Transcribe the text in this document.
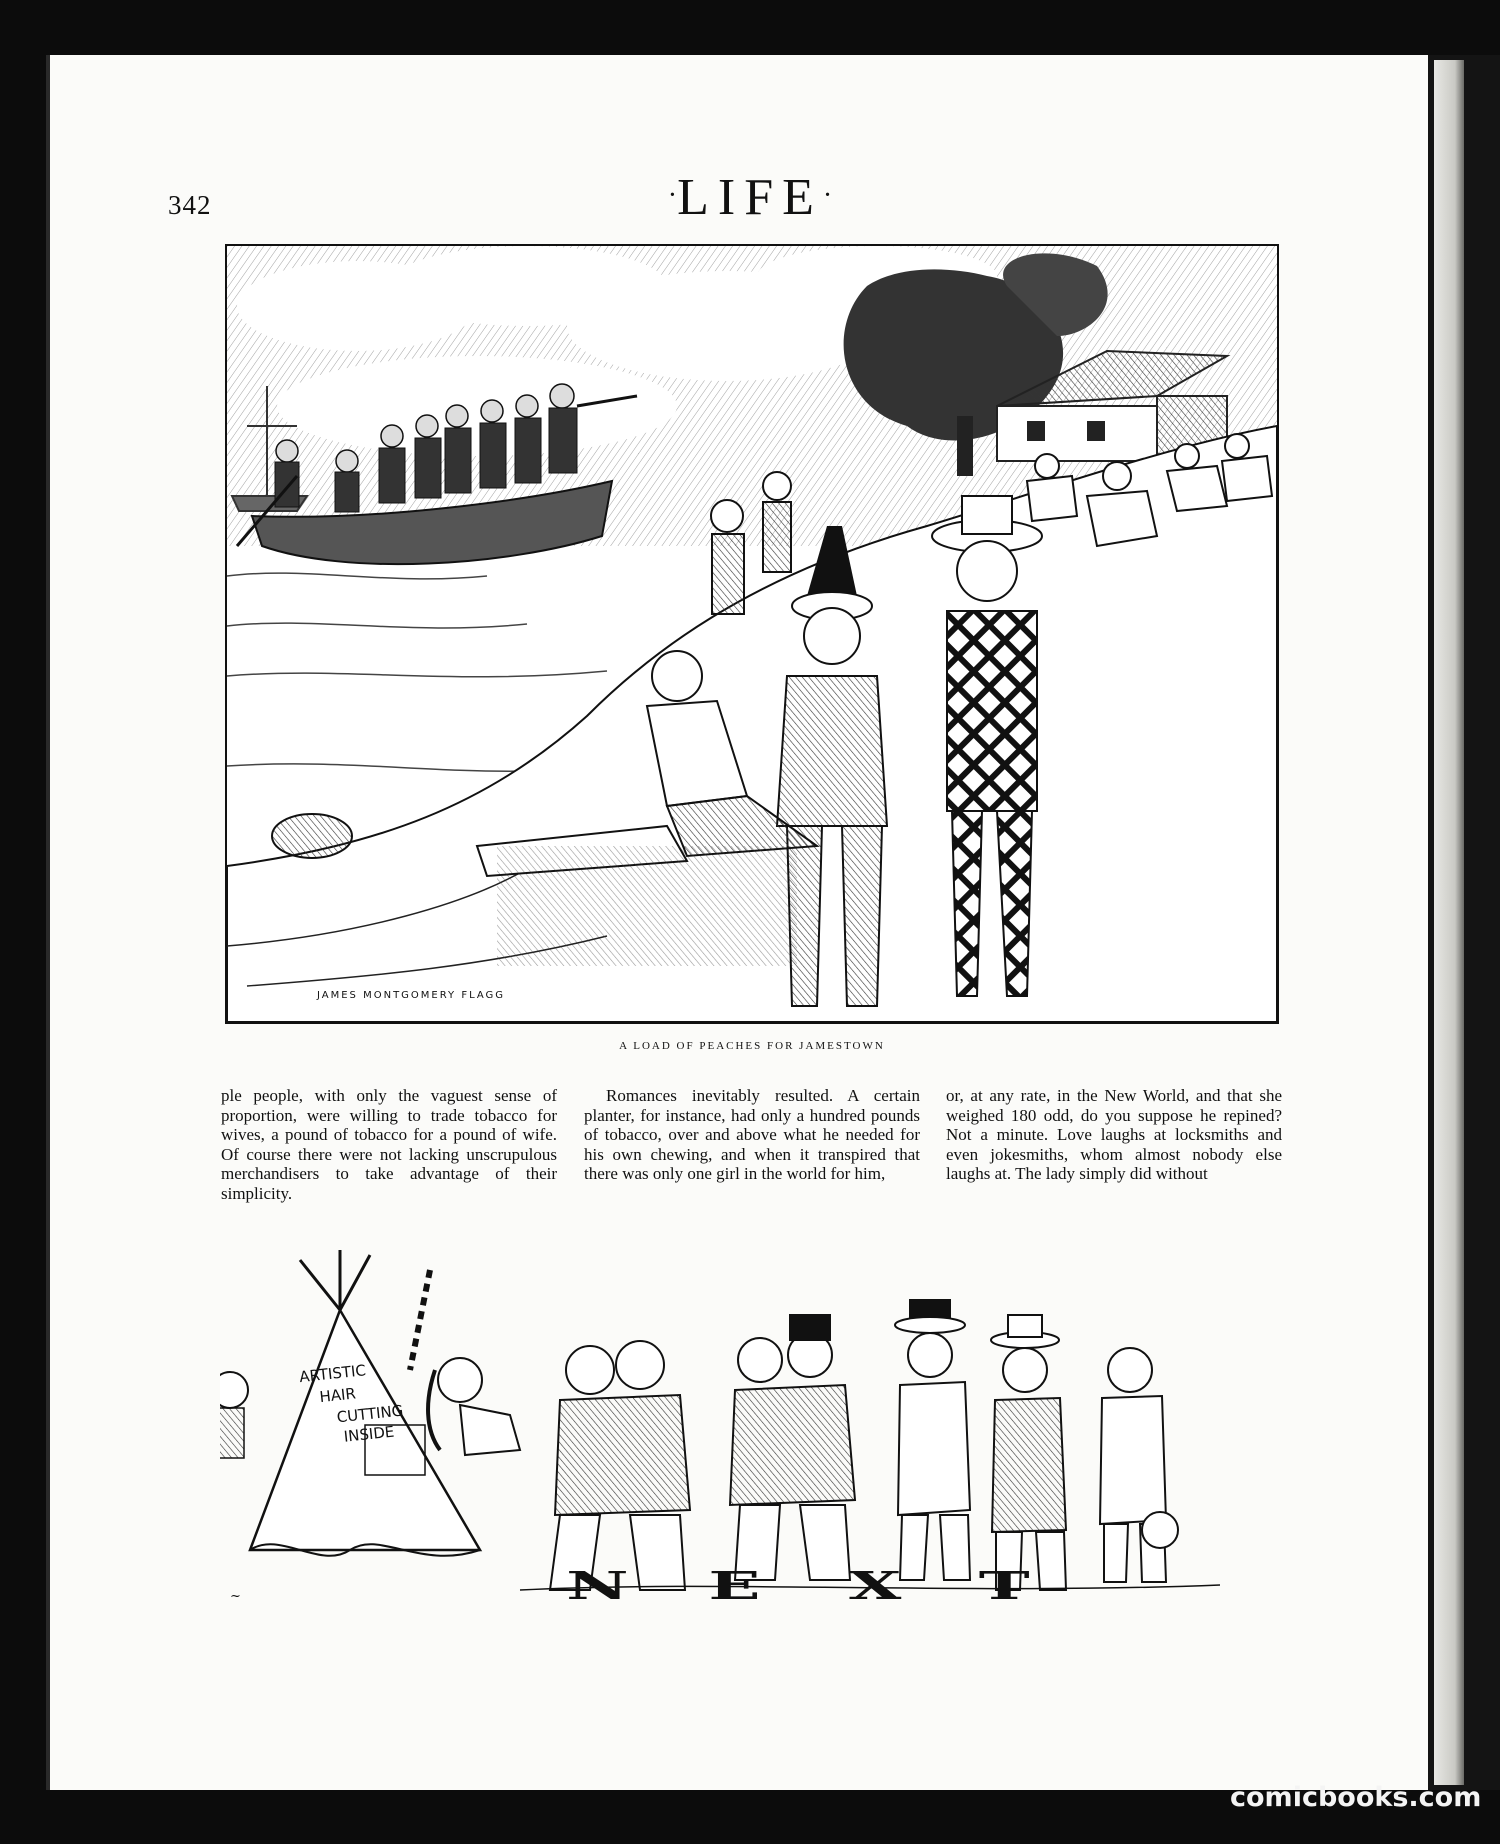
342	·LIFE·
JAMES MONTGOMERY FLAGG
A LOAD OF PEACHES FOR JAMESTOWN

ple people, with only the vaguest sense of proportion, were willing to trade tobacco for wives, a pound of tobacco for a pound of wife. Of course there were not lacking unscrupulous merchandisers to take advantage of their simplicity.

Romances inevitably resulted. A certain planter, for instance, had only a hundred pounds of tobacco, over and above what he needed for his own chewing, and when it transpired that there was only one girl in the world for him,

or, at any rate, in the New World, and that she weighed 180 odd, do you suppose he repined? Not a minute. Love laughs at locksmiths and even jokesmiths, whom almost nobody else laughs at. The lady simply did without

ARTISTIC
HAIR
CUTTING
INSIDE
~	N E X T
comicbooks.com
